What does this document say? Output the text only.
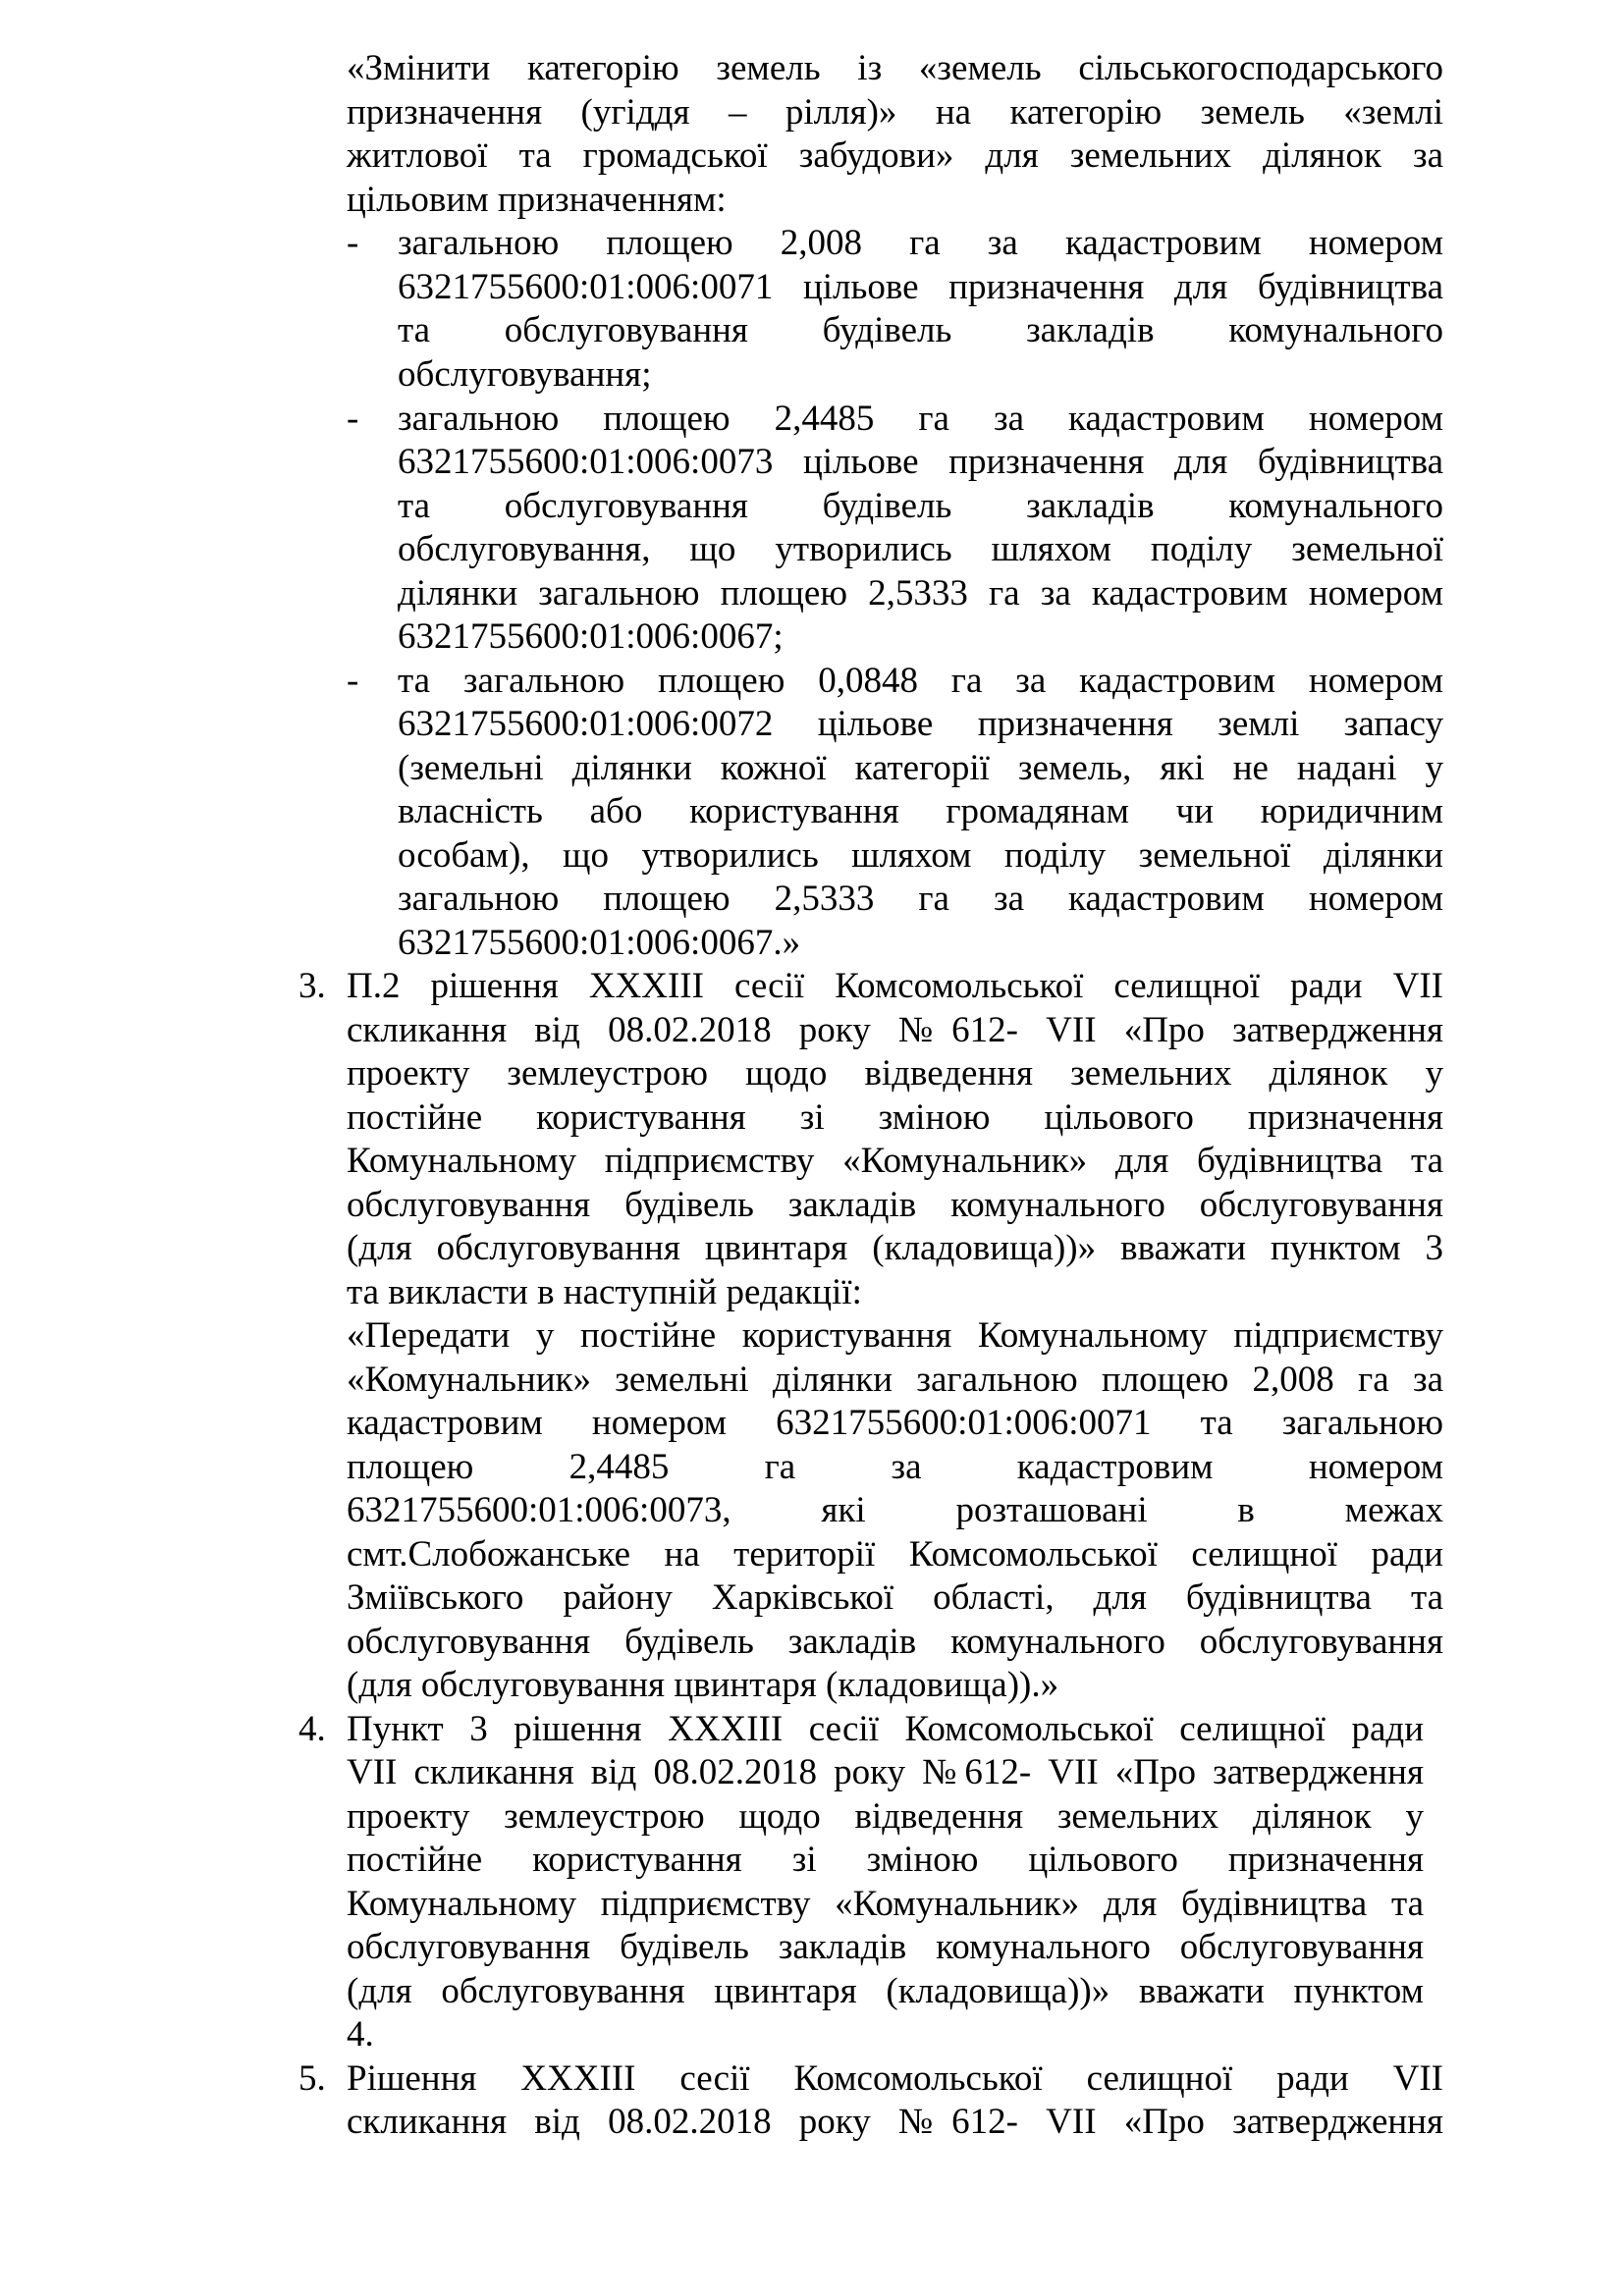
«Змінити категорію земель із «земель сільськогосподарського
призначення (угіддя – рілля)» на категорію земель «землі
житлової та громадської забудови» для земельних ділянок за
цільовим призначенням:
- загальною площею 2,008 га за кадастровим номером
6321755600:01:006:0071 цільове призначення для будівництва
та обслуговування будівель закладів комунального
обслуговування;
- загальною площею 2,4485 га за кадастровим номером
6321755600:01:006:0073 цільове призначення для будівництва
та обслуговування будівель закладів комунального
обслуговування, що утворились шляхом поділу земельної
ділянки загальною площею 2,5333 га за кадастровим номером
6321755600:01:006:0067;
- та загальною площею 0,0848 га за кадастровим номером
6321755600:01:006:0072 цільове призначення землі запасу
(земельні ділянки кожної категорії земель, які не надані у
власність або користування громадянам чи юридичним
особам), що утворились шляхом поділу земельної ділянки
загальною площею 2,5333 га за кадастровим номером
6321755600:01:006:0067.»
3. П.2 рішення ХХХІІІ сесії Комсомольської селищної ради VII
скликання від 08.02.2018 року №612- VII «Про затвердження
проекту землеустрою щодо відведення земельних ділянок у
постійне користування зі зміною цільового призначення
Комунальному підприємству «Комунальник» для будівництва та
обслуговування будівель закладів комунального обслуговування
(для обслуговування цвинтаря (кладовища))» вважати пунктом 3
та викласти в наступній редакції:
«Передати у постійне користування Комунальному підприємству
«Комунальник» земельні ділянки загальною площею 2,008 га за
кадастровим номером 6321755600:01:006:0071 та загальною
площею 2,4485 га за кадастровим номером
6321755600:01:006:0073, які розташовані в межах
смт.Слобожанське на території Комсомольської селищної ради
Зміївського району Харківської області, для будівництва та
обслуговування будівель закладів комунального обслуговування
(для обслуговування цвинтаря (кладовища)).»
4. Пункт 3 рішення ХХХІІІ сесії Комсомольської селищної ради
VII скликання від 08.02.2018 року №612- VII «Про затвердження
проекту землеустрою щодо відведення земельних ділянок у
постійне користування зі зміною цільового призначення
Комунальному підприємству «Комунальник» для будівництва та
обслуговування будівель закладів комунального обслуговування
(для обслуговування цвинтаря (кладовища))» вважати пунктом
4.
5. Рішення ХХХІІІ сесії Комсомольської селищної ради VII
скликання від 08.02.2018 року №612- VII «Про затвердження
